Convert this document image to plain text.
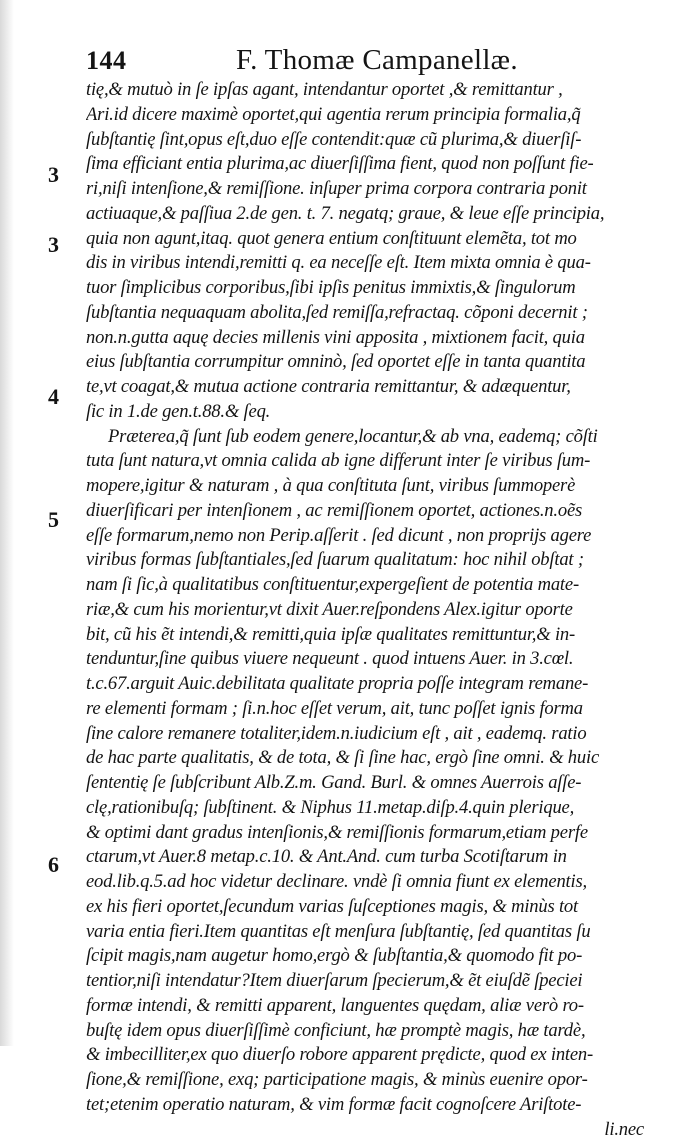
144	F. Thomæ Campanellæ.
3
3
4
5
6
tię,& mutuò in ſe ipſas agant, intendantur oportet ,& remittantur ,
Ari.id dicere maximè oportet,qui agentia rerum principia formalia,q̃
ſubſtantię ſint,opus eſt,duo eſſe contendit:quæ cũ plurima,& diuerſiſ-
ſima efficiant entia plurima,ac diuerſiſſima fient, quod non poſſunt fie-
ri,niſi intenſione,& remiſſione. inſuper prima corpora contraria ponit
actiuaque,& paſſiua 2.de gen. t. 7. negatq; graue, & leue eſſe principia,
quia non agunt,itaq. quot genera entium conſtituunt elemẽta, tot mo
dis in viribus intendi,remitti q. ea neceſſe eſt. Item mixta omnia è qua-
tuor ſimplicibus corporibus,ſibi ipſis penitus immixtis,& ſingulorum
ſubſtantia nequaquam abolita,ſed remiſſa,refractaq. cõponi decernit ;
non.n.gutta aquę decies millenis vini apposita , mixtionem facit, quia
eius ſubſtantia corrumpitur omninò, ſed oportet eſſe in tanta quantita
te,vt coagat,& mutua actione contraria remittantur, & adæquentur,
ſic in 1.de gen.t.88.& ſeq.
Præterea,q̃ ſunt ſub eodem genere,locantur,& ab vna, eademq; cõſti
tuta ſunt natura,vt omnia calida ab igne differunt inter ſe viribus ſum-
mopere,igitur & naturam , à qua conſtituta ſunt, viribus ſummoperè
diuerſificari per intenſionem , ac remiſſionem oportet, actiones.n.oẽs
eſſe formarum,nemo non Perip.aſſerit . ſed dicunt , non proprijs agere
viribus formas ſubſtantiales,ſed ſuarum qualitatum: hoc nihil obſtat ;
nam ſi ſic,à qualitatibus conſtituentur,expergeſient de potentia mate-
riæ,& cum his morientur,vt dixit Auer.reſpondens Alex.igitur oporte
bit, cũ his ẽt intendi,& remitti,quia ipſæ qualitates remittuntur,& in-
tenduntur,ſine quibus viuere nequeunt . quod intuens Auer. in 3.cœl.
t.c.67.arguit Auic.debilitata qualitate propria poſſe integram remane-
re elementi formam ; ſi.n.hoc eſſet verum, ait, tunc poſſet ignis forma
ſine calore remanere totaliter,idem.n.iudicium eſt , ait , eademq. ratio
de hac parte qualitatis, & de tota, & ſi ſine hac, ergò ſine omni. & huic
ſententię ſe ſubſcribunt Alb.Z.m. Gand. Burl. & omnes Auerrois aſſe-
clę,rationibuſq; ſubſtinent. & Niphus 11.metap.diſp.4.quin plerique,
& optimi dant gradus intenſionis,& remiſſionis formarum,etiam perfe
ctarum,vt Auer.8 metap.c.10. & Ant.And. cum turba Scotiſtarum in
eod.lib.q.5.ad hoc videtur declinare. vndè ſi omnia fiunt ex elementis,
ex his fieri oportet,ſecundum varias ſuſceptiones magis, & minùs tot
varia entia fieri.Item quantitas eſt menſura ſubſtantię, ſed quantitas ſu
ſcipit magis,nam augetur homo,ergò & ſubſtantia,& quomodo fit po-
tentior,niſi intendatur?Item diuerſarum ſpecierum,& ẽt eiuſdẽ ſpeciei
formæ intendi, & remitti apparent, languentes quędam, aliæ verò ro-
buſtę idem opus diuerſiſſimè conficiunt, hæ promptè magis, hæ tardè,
& imbecilliter,ex quo diuerſo robore apparent prędicte, quod ex inten-
ſione,& remiſſione, exq; participatione magis, & minùs euenire opor-
tet;etenim operatio naturam, & vim formæ facit cognoſcere Ariſtote-
li.nec
